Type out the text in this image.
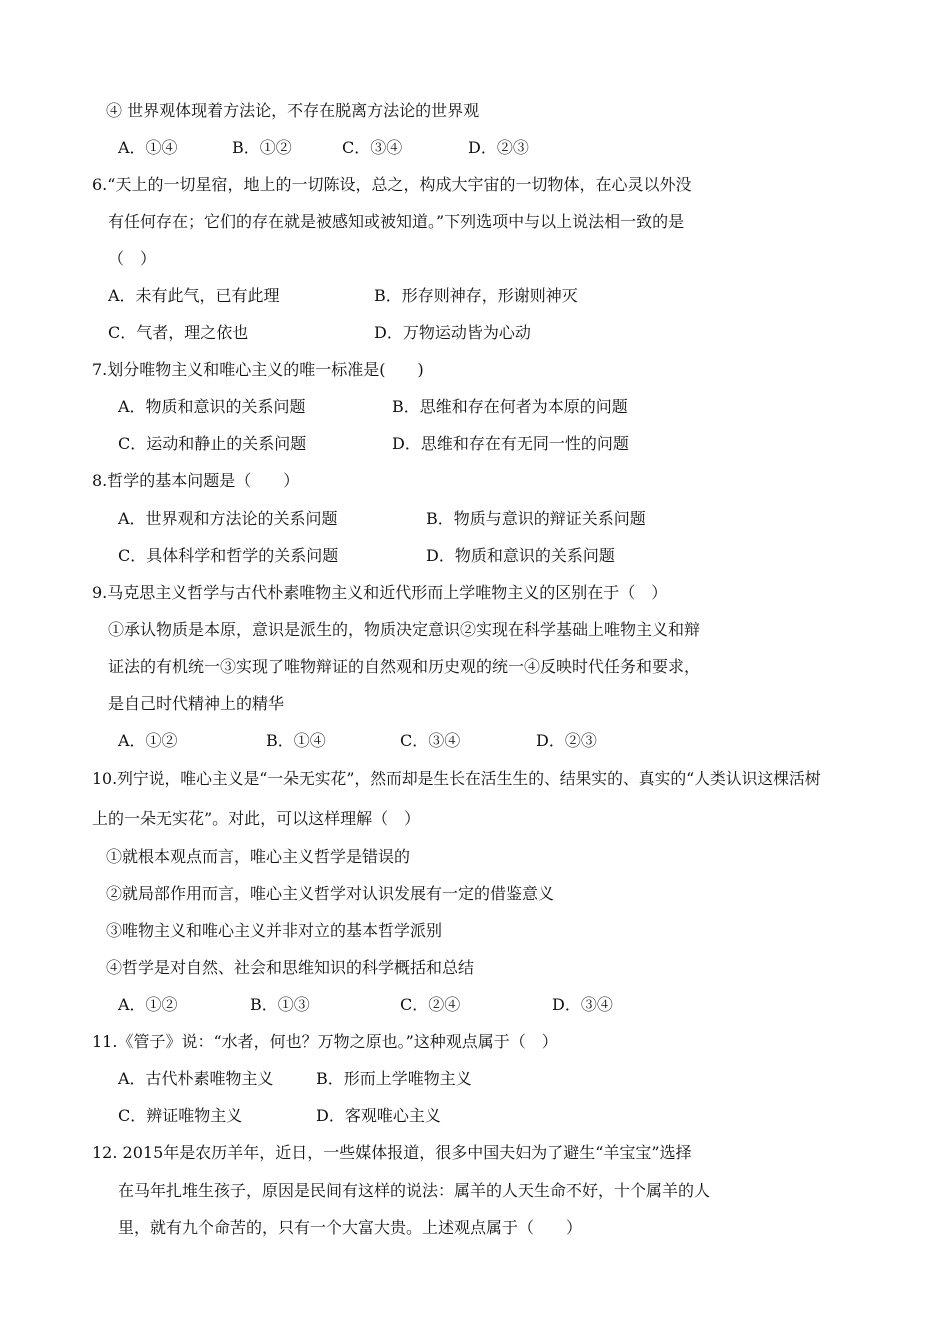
④ 世界观体现着方法论，不存在脱离方法论的世界观
A．①④	B．①②	C．③④	D．②③
6.“天上的一切星宿，地上的一切陈设，总之，构成大宇宙的一切物体，在心灵以外没
有任何存在；它们的存在就是被感知或被知道。”下列选项中与以上说法相一致的是
（　）
A．未有此气，已有此理	B．形存则神存，形谢则神灭
C．气者，理之依也	D．万物运动皆为心动
7.划分唯物主义和唯心主义的唯一标准是(　　)
A．物质和意识的关系问题	B．思维和存在何者为本原的问题
C．运动和静止的关系问题	D．思维和存在有无同一性的问题
8.哲学的基本问题是（　　）
A．世界观和方法论的关系问题	B．物质与意识的辩证关系问题
C．具体科学和哲学的关系问题	D．物质和意识的关系问题
9.马克思主义哲学与古代朴素唯物主义和近代形而上学唯物主义的区别在于（　）
①承认物质是本原，意识是派生的，物质决定意识②实现在科学基础上唯物主义和辩
证法的有机统一③实现了唯物辩证的自然观和历史观的统一④反映时代任务和要求，
是自己时代精神上的精华
A．①②	B．①④	C．③④	D．②③
10.列宁说，唯心主义是“一朵无实花”，然而却是生长在活生生的、结果实的、真实的“人类认识这棵活树
上的一朵无实花”。对此，可以这样理解（　）
①就根本观点而言，唯心主义哲学是错误的
②就局部作用而言，唯心主义哲学对认识发展有一定的借鉴意义
③唯物主义和唯心主义并非对立的基本哲学派别
④哲学是对自然、社会和思维知识的科学概括和总结
A．①②	B．①③	C．②④	D．③④
11.《管子》说：“水者，何也？万物之原也。”这种观点属于（　）
A．古代朴素唯物主义	B．形而上学唯物主义
C．辨证唯物主义	D．客观唯心主义
12. 2015年是农历羊年，近日，一些媒体报道，很多中国夫妇为了避生“羊宝宝”选择
在马年扎堆生孩子，原因是民间有这样的说法：属羊的人天生命不好，十个属羊的人
里，就有九个命苦的，只有一个大富大贵。上述观点属于（　　）
